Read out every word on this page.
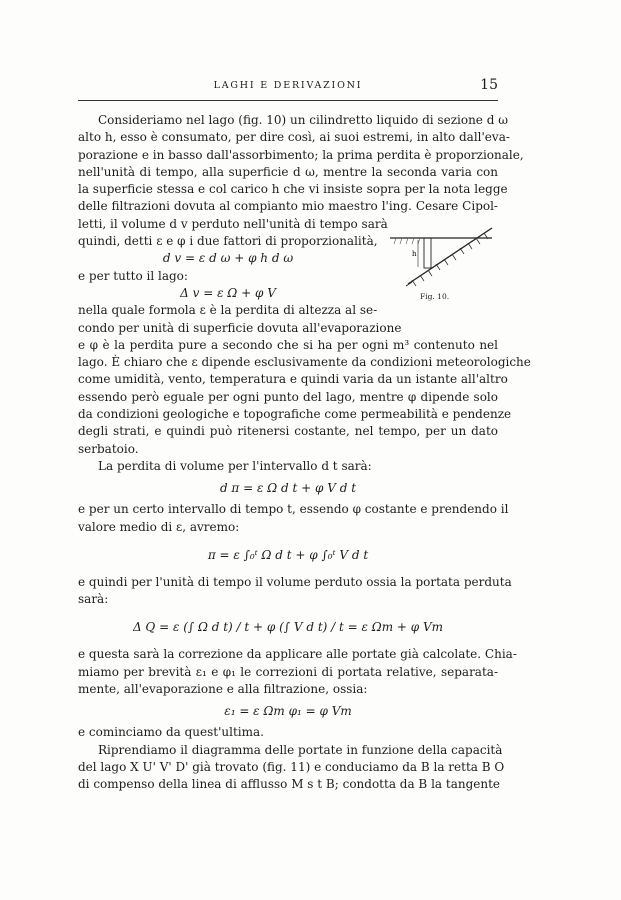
LAGHI E DERIVAZIONI	15
h
Fig. 10.
Consideriamo nel lago (fig. 10) un cilindretto liquido di sezione d ω
alto h, esso è consumato, per dire così, ai suoi estremi, in alto dall'eva-
porazione e in basso dall'assorbimento; la prima perdita è proporzionale,
nell'unità di tempo, alla superficie d ω, mentre la seconda varia con
la superficie stessa e col carico h che vi insiste sopra per la nota legge
delle filtrazioni dovuta al compianto mio maestro l'ing. Cesare Cipol-
letti, il volume d v perduto nell'unità di tempo sarà
quindi, detti ε e φ i due fattori di proporzionalità,
d v = ε d ω + φ h d ω
e per tutto il lago:
Δ v = ε Ω + φ V
nella quale formola ε è la perdita di altezza al se-
condo per unità di superficie dovuta all'evaporazione
e φ è la perdita pure a secondo che si ha per ogni m³ contenuto nel
lago. È chiaro che ε dipende esclusivamente da condizioni meteorologiche
come umidità, vento, temperatura e quindi varia da un istante all'altro
essendo però eguale per ogni punto del lago, mentre φ dipende solo
da condizioni geologiche e topografiche come permeabilità e pendenze
degli strati, e quindi può ritenersi costante, nel tempo, per un dato
serbatoio.
La perdita di volume per l'intervallo d t sarà:
d π = ε Ω d t + φ V d t
e per un certo intervallo di tempo t, essendo φ costante e prendendo il
valore medio di ε, avremo:
π = ε ∫₀ᵗ Ω d t + φ ∫₀ᵗ V d t
e quindi per l'unità di tempo il volume perduto ossia la portata perduta
sarà:
Δ Q = ε (∫ Ω d t) / t + φ (∫ V d t) / t = ε Ωm + φ Vm
e questa sarà la correzione da applicare alle portate già calcolate. Chia-
miamo per brevità ε₁ e φ₁ le correzioni di portata relative, separata-
mente, all'evaporazione e alla filtrazione, ossia:
ε₁ = ε Ωm φ₁ = φ Vm
e cominciamo da quest'ultima.
Riprendiamo il diagramma delle portate in funzione della capacità
del lago X U' V' D' già trovato (fig. 11) e conduciamo da B la retta B O
di compenso della linea di afflusso M s t B; condotta da B la tangente
